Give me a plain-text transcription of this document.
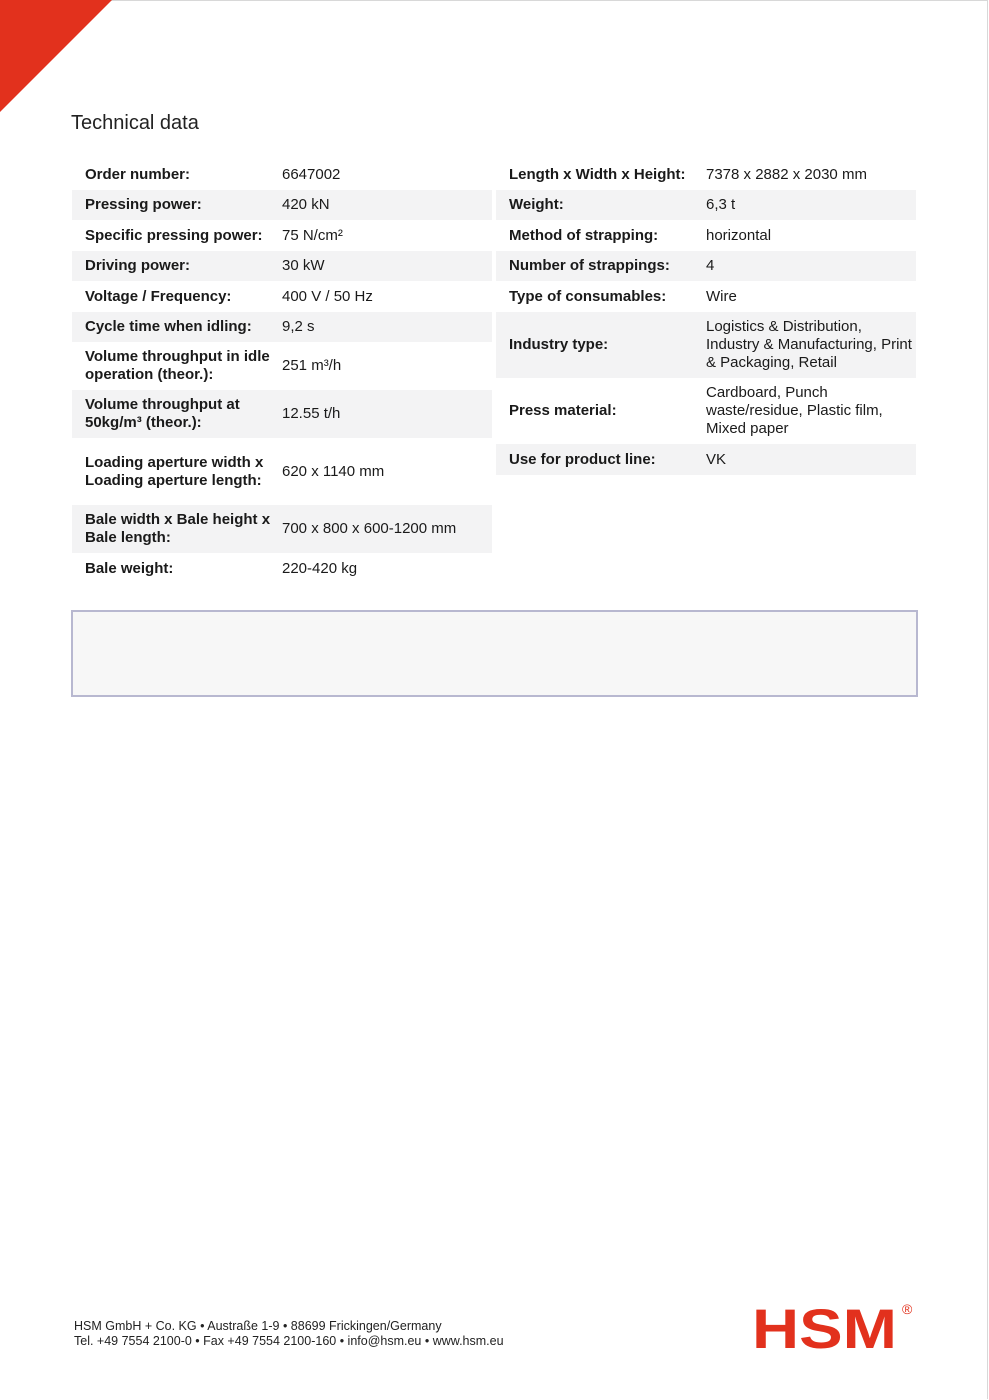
Technical data
Order number:	6647002
Pressing power:	420 kN
Specific pressing power:	75 N/cm²
Driving power:	30 kW
Voltage / Frequency:	400 V / 50 Hz
Cycle time when idling:	9,2 s
Volume throughput in idle operation (theor.):
251 m³/h
Volume throughput at 50kg/m³ (theor.):
12.55 t/h
Loading aperture width x Loading aperture length:
620 x 1140 mm
Bale width x Bale height x Bale length:
700 x 800 x 600-1200 mm
Bale weight:	220-420 kg
Length x Width x Height:	7378 x 2882 x 2030 mm
Weight:	6,3 t
Method of strapping:	horizontal
Number of strappings:	4
Type of consumables:	Wire
Industry type:
Logistics & Distribution, Industry & Manufacturing, Print & Packaging, Retail
Press material:
Cardboard, Punch waste/residue, Plastic film, Mixed paper
Use for product line:	VK
HSM GmbH + Co. KG • Austraße 1-9 • 88699 Frickingen/Germany
Tel. +49 7554 2100-0 • Fax +49 7554 2100-160 • info@hsm.eu • www.hsm.eu	HSM ®
